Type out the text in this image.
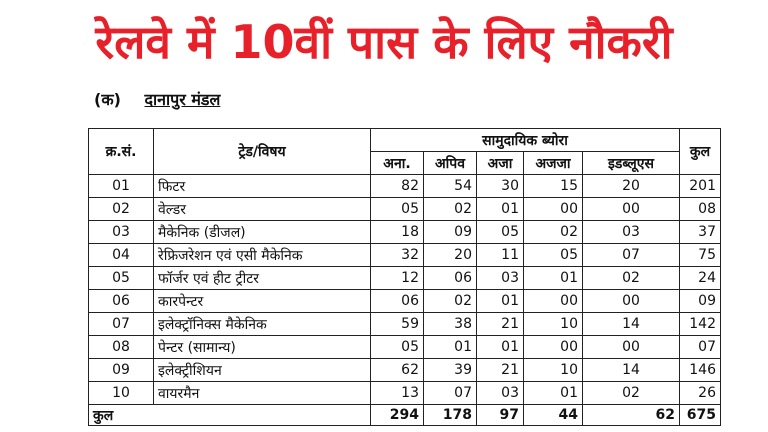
रेलवे में 10वीं पास के लिए नौकरी
(क) दानापुर मंडल
क्र.सं.	ट्रेड/विषय	सामुदायिक ब्योरा					कुल
		अना.	अपिव	अजा	अजजा	इडब्लूएस	
01	फिटर	82	54	30	15	20	201
02	वेल्डर	05	02	01	00	00	08
03	मैकेनिक (डीजल)	18	09	05	02	03	37
04	रेफ्रिजरेशन एवं एसी मैकेनिक	32	20	11	05	07	75
05	फॉर्जर एवं हीट ट्रीटर	12	06	03	01	02	24
06	कारपेन्टर	06	02	01	00	00	09
07	इलेक्ट्रॉनिक्स मैकेनिक	59	38	21	10	14	142
08	पेन्टर (सामान्य)	05	01	01	00	00	07
09	इलेक्ट्रीशियन	62	39	21	10	14	146
10	वायरमैन	13	07	03	01	02	26
कुल		294	178	97	44	62	675
